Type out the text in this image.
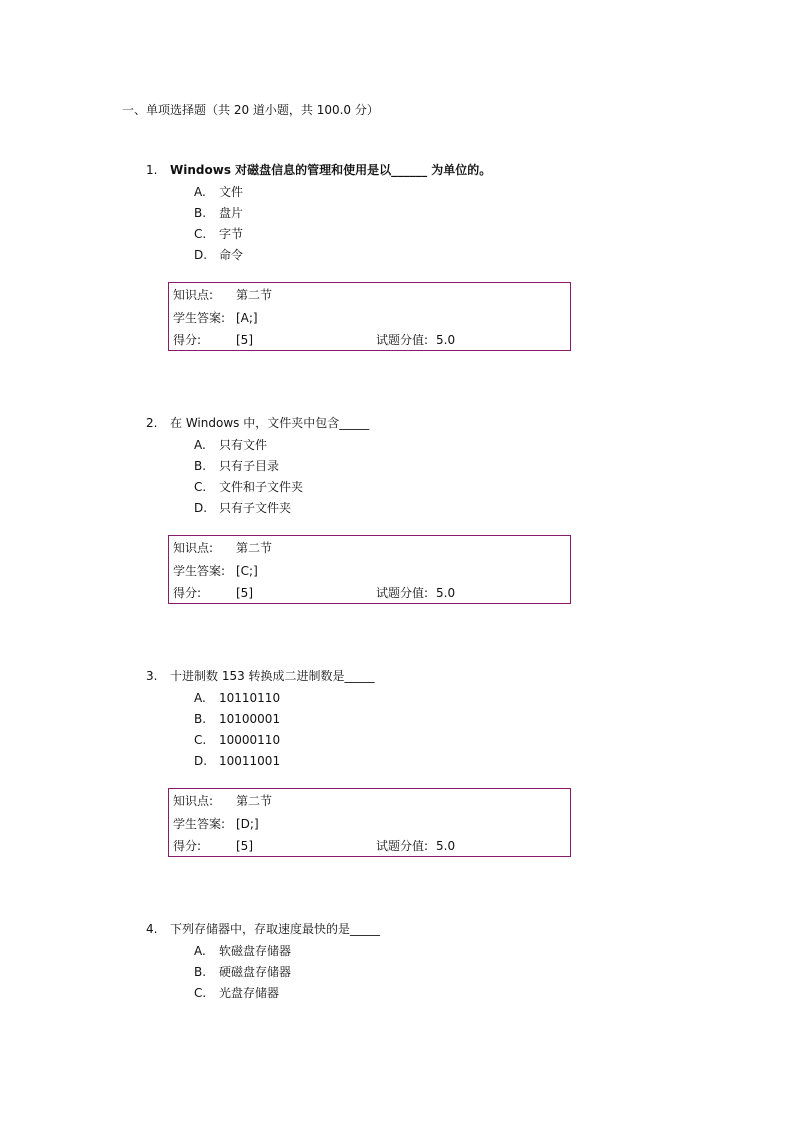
一、单项选择题（共 20 道小题，共 100.0 分）
1. Windows 对磁盘信息的管理和使用是以______ 为单位的。
A.	文件
B.	盘片
C.	字节
D. 命令
知识点: 第二节
学生答案: [A;]
得分:	[5]	试题分值: 5.0
2. 在 Windows 中，文件夹中包含_____
A.	只有文件
B.	只有子目录
C.	文件和子文件夹
D. 只有子文件夹
知识点: 第二节
学生答案: [C;]
得分:	[5]	试题分值: 5.0
3. 十进制数 153 转换成二进制数是_____
A.	10110110
B.	10100001
C.	10000110
D. 10011001
知识点: 第二节
学生答案: [D;]
得分:	[5]	试题分值: 5.0
4. 下列存储器中，存取速度最快的是_____
A.	软磁盘存储器
B.	硬磁盘存储器
C.	光盘存储器
